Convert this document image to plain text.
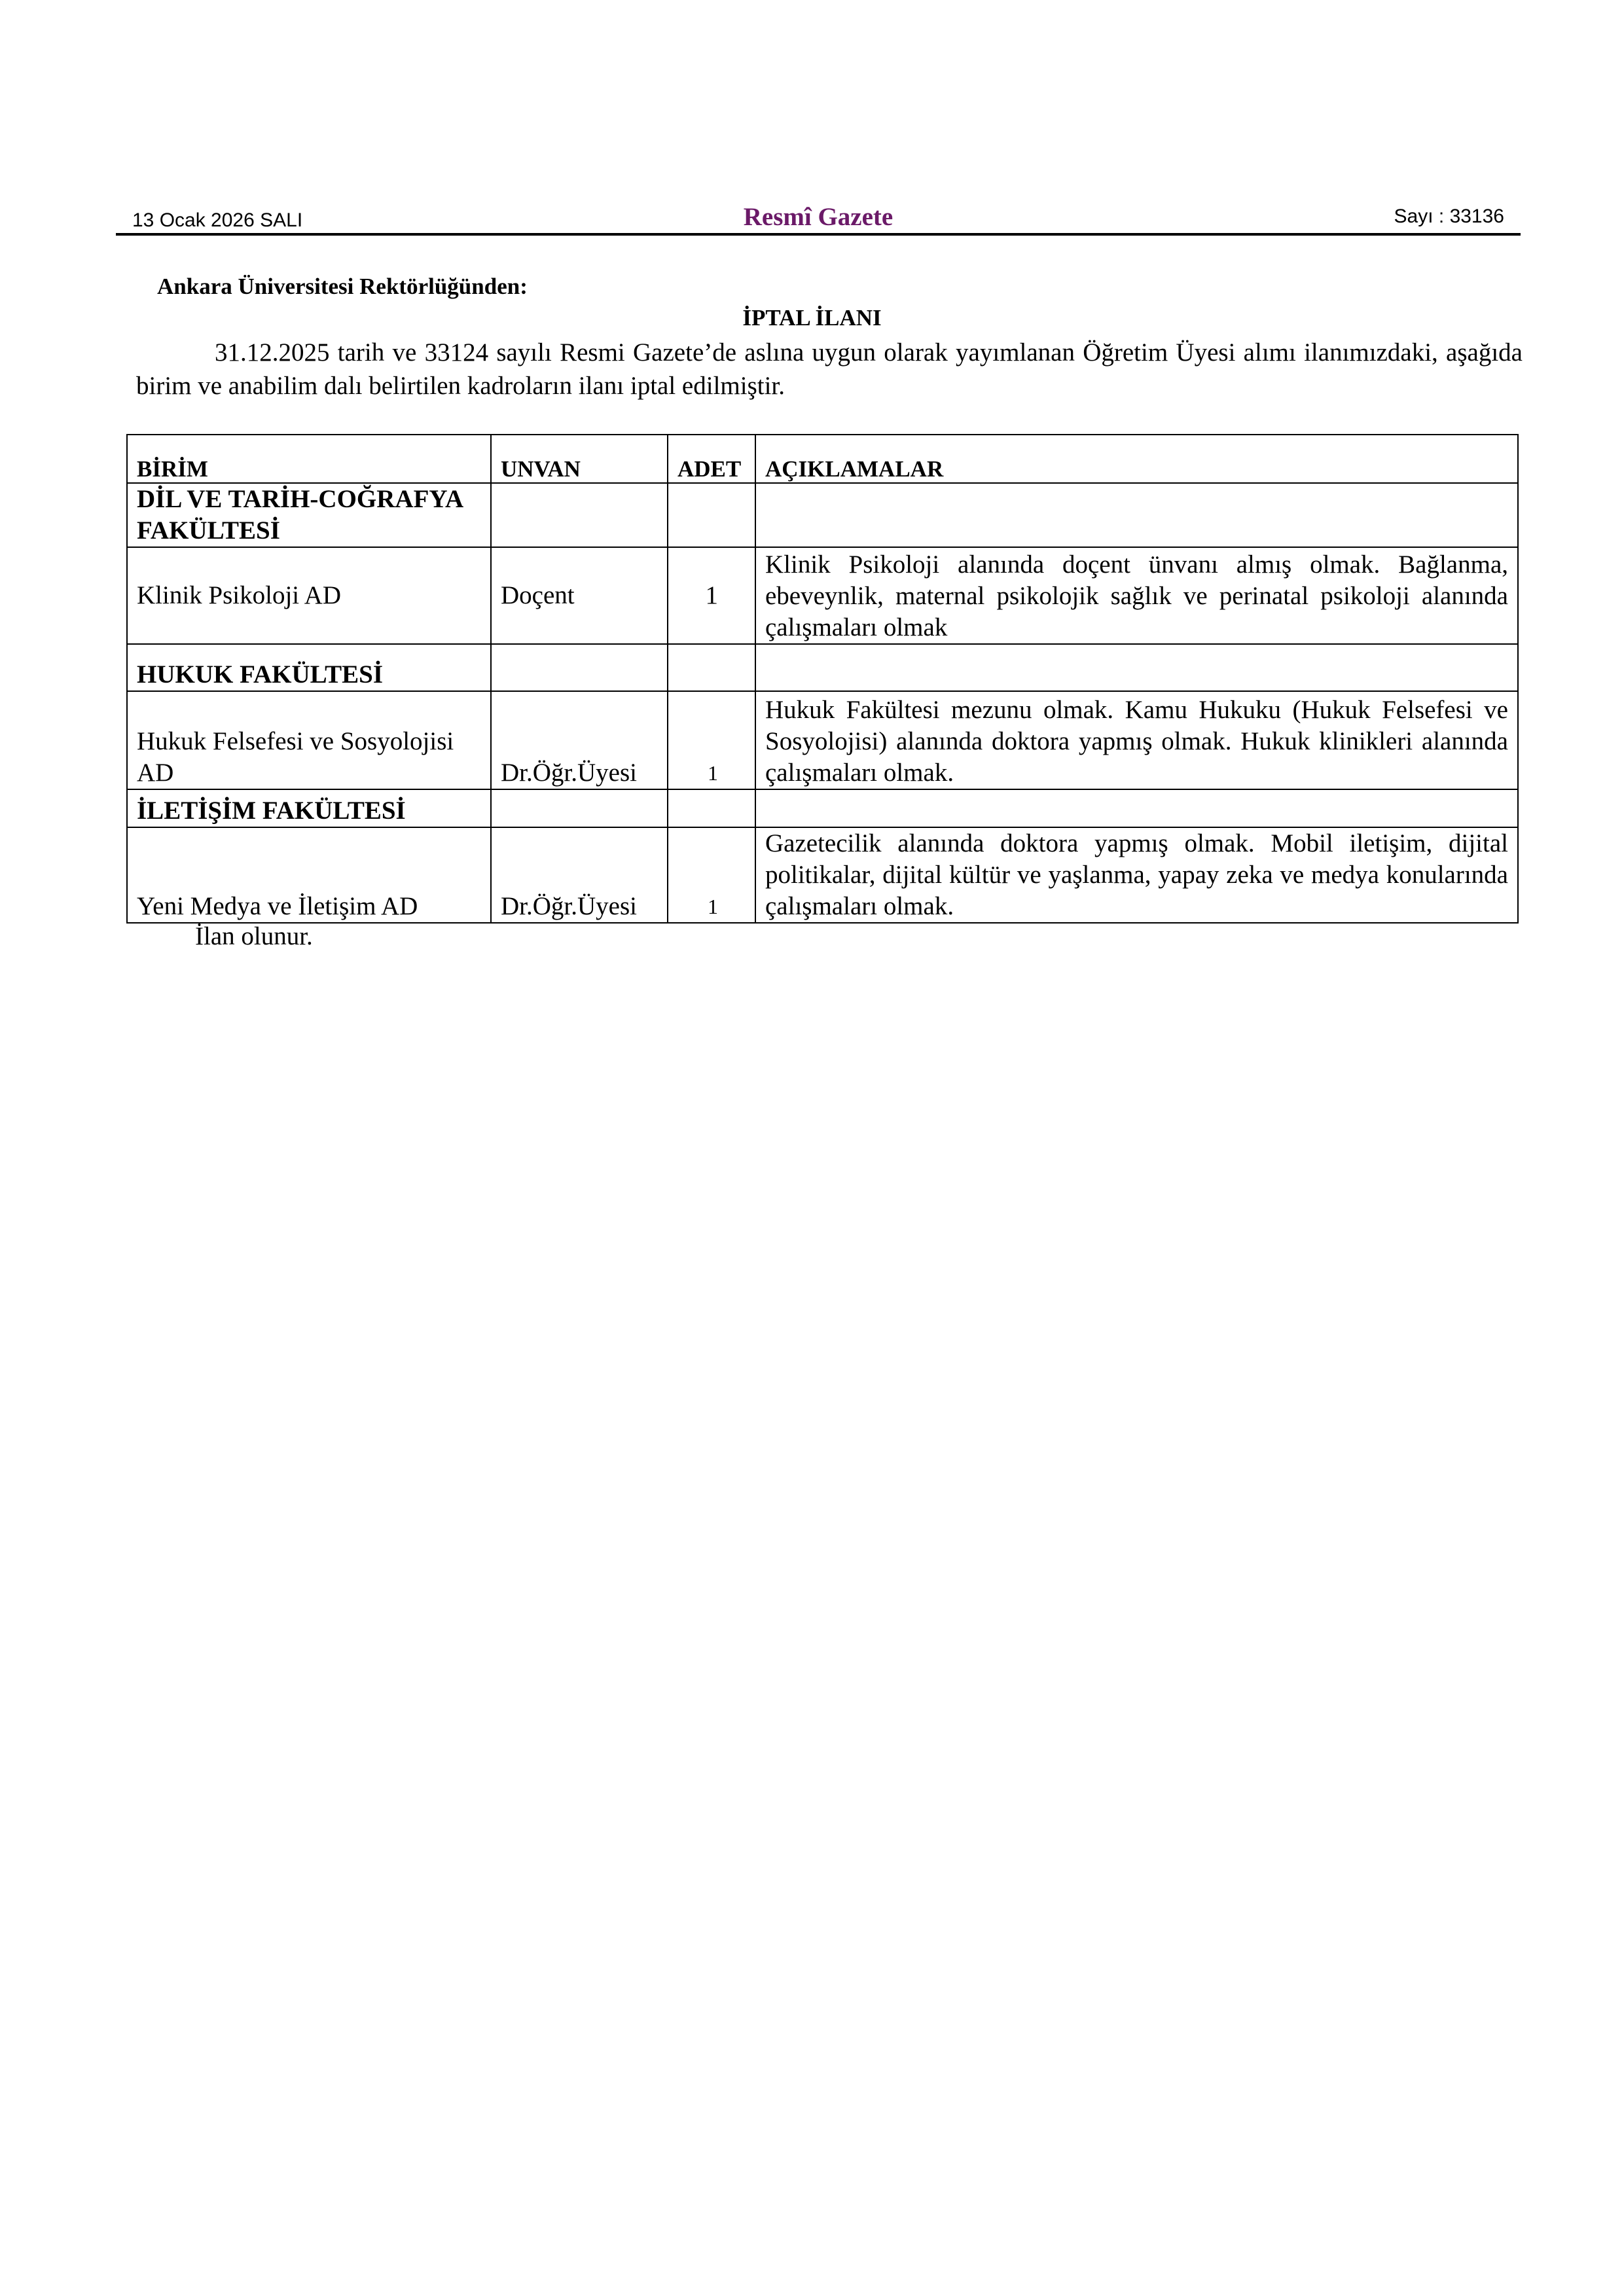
13 Ocak 2026 SALI	Resmî Gazete	Sayı : 33136
Ankara Üniversitesi Rektörlüğünden:
İPTAL İLANI

31.12.2025 tarih ve 33124 sayılı Resmi Gazete’de aslına uygun olarak yayımlanan Öğretim Üyesi alımı ilanımızdaki, aşağıda birim ve anabilim dalı belirtilen kadroların ilanı iptal edilmiştir.

BİRİM	UNVAN	ADET	AÇIKLAMALAR
DİL VE TARİH-COĞRAFYA FAKÜLTESİ			
Klinik Psikoloji AD	Doçent	1	Klinik Psikoloji alanında doçent ünvanı almış olmak. Bağlanma, ebeveynlik, maternal psikolojik sağlık ve perinatal psikoloji alanında çalışmaları olmak
HUKUK FAKÜLTESİ			
Hukuk Felsefesi ve Sosyolojisi AD	Dr.Öğr.Üyesi	1	Hukuk Fakültesi mezunu olmak. Kamu Hukuku (Hukuk Felsefesi ve Sosyolojisi) alanında doktora yapmış olmak. Hukuk klinikleri alanında çalışmaları olmak.
İLETİŞİM FAKÜLTESİ			
Yeni Medya ve İletişim AD	Dr.Öğr.Üyesi	1	Gazetecilik alanında doktora yapmış olmak. Mobil iletişim, dijital politikalar, dijital kültür ve yaşlanma, yapay zeka ve medya konularında çalışmaları olmak.
İlan olunur.
